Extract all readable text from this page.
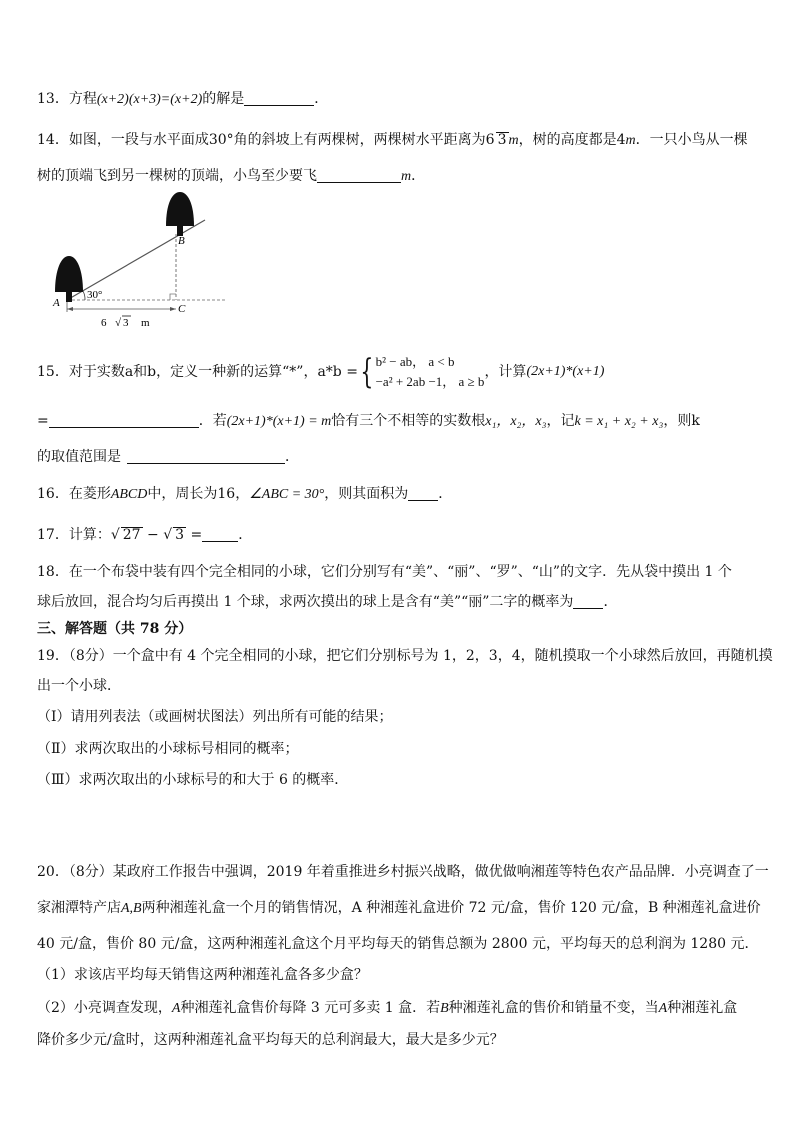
13．方程(x+2)(x+3)=(x+2)的解是	．
14．如图，一段与水平面成30°角的斜坡上有两棵树，两棵树水平距离为6 3 m，树的高度都是4m．一只小鸟从一棵
树的顶端飞到另一棵树的顶端，小鸟至少要飞	m．
30°
A
B
C
6 √ 3 m
15．对于实数a和b，定义一种新的运算“*”，a*b ={ b² − ab， a < b
−a² + 2ab −1， a ≥ b
，计算(2x+1)*(x+1)
=	．若(2x+1)*(x+1) = m恰有三个不相等的实数根x₁，x₂，x₃，记k = x₁ + x₂ + x₃，则k
的取值范围是	．
16．在菱形ABCD中，周长为16，∠ABC = 30°，则其面积为 ．
17．计算：√ 27 − √ 3 =	．
18．在一个布袋中装有四个完全相同的小球，它们分别写有“美”、“丽”、“罗”、“山”的文字．先从袋中摸出 1 个
球后放回，混合均匀后再摸出 1 个球，求两次摸出的球上是含有“美”“丽”二字的概率为 ．
三、解答题（共 78 分）
19．（8分）一个盒中有 4 个完全相同的小球，把它们分别标号为 1，2，3，4，随机摸取一个小球然后放回，再随机摸
出一个小球．
（Ⅰ）请用列表法（或画树状图法）列出所有可能的结果；
（Ⅱ）求两次取出的小球标号相同的概率；
（Ⅲ）求两次取出的小球标号的和大于 6 的概率．
20．（8分）某政府工作报告中强调，2019 年着重推进乡村振兴战略，做优做响湘莲等特色农产品品牌．小亮调查了一
家湘潭特产店A,B两种湘莲礼盒一个月的销售情况，A 种湘莲礼盒进价 72 元/盒，售价 120 元/盒，B 种湘莲礼盒进价
40 元/盒，售价 80 元/盒，这两种湘莲礼盒这个月平均每天的销售总额为 2800 元，平均每天的总利润为 1280 元．
（1）求该店平均每天销售这两种湘莲礼盒各多少盒？
（2）小亮调查发现，A种湘莲礼盒售价每降 3 元可多卖 1 盒．若B种湘莲礼盒的售价和销量不变，当A种湘莲礼盒
降价多少元/盒时，这两种湘莲礼盒平均每天的总利润最大，最大是多少元？
